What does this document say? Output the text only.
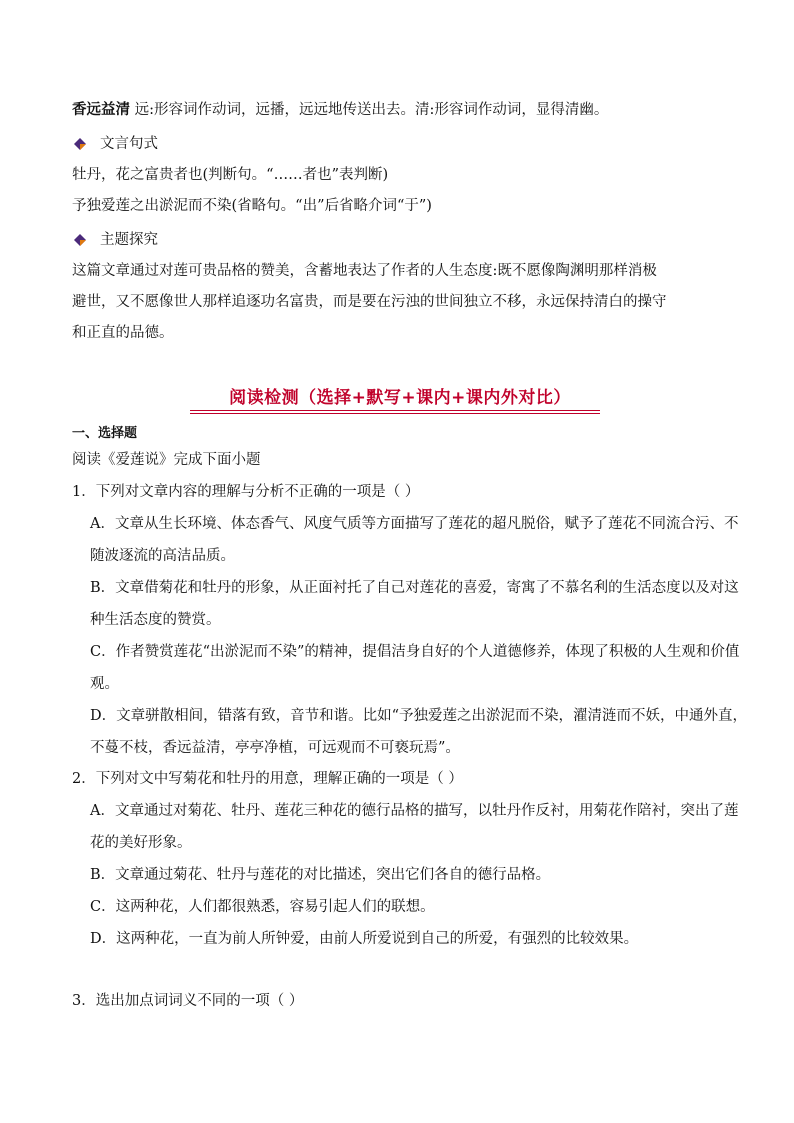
香远益清 远:形容词作动词，远播，远远地传送出去。清:形容词作动词，显得清幽。
文言句式
牡丹，花之富贵者也(判断句。“……者也”表判断)
予独爱莲之出淤泥而不染(省略句。“出”后省略介词“于”)
主题探究
这篇文章通过对莲可贵品格的赞美，含蓄地表达了作者的人生态度:既不愿像陶渊明那样消极
避世，又不愿像世人那样追逐功名富贵，而是要在污浊的世间独立不移，永远保持清白的操守
和正直的品德。
阅读检测（选择+默写+课内+课内外对比）
一、选择题
阅读《爱莲说》完成下面小题
1．下列对文章内容的理解与分析不正确的一项是（ ）
A．文章从生长环境、体态香气、风度气质等方面描写了莲花的超凡脱俗，赋予了莲花不同流合污、不
随波逐流的高洁品质。
B．文章借菊花和牡丹的形象，从正面衬托了自己对莲花的喜爱，寄寓了不慕名利的生活态度以及对这
种生活态度的赞赏。
C．作者赞赏莲花“出淤泥而不染”的精神，提倡洁身自好的个人道德修养，体现了积极的人生观和价值
观。
D．文章骈散相间，错落有致，音节和谐。比如“予独爱莲之出淤泥而不染，濯清涟而不妖，中通外直，
不蔓不枝，香远益清，亭亭净植，可远观而不可亵玩焉”。
2．下列对文中写菊花和牡丹的用意，理解正确的一项是（ ）
A．文章通过对菊花、牡丹、莲花三种花的德行品格的描写，以牡丹作反衬，用菊花作陪衬，突出了莲
花的美好形象。
B．文章通过菊花、牡丹与莲花的对比描述，突出它们各自的德行品格。
C．这两种花，人们都很熟悉，容易引起人们的联想。
D．这两种花，一直为前人所钟爱，由前人所爱说到自己的所爱，有强烈的比较效果。
3．选出加点词词义不同的一项（ ）
